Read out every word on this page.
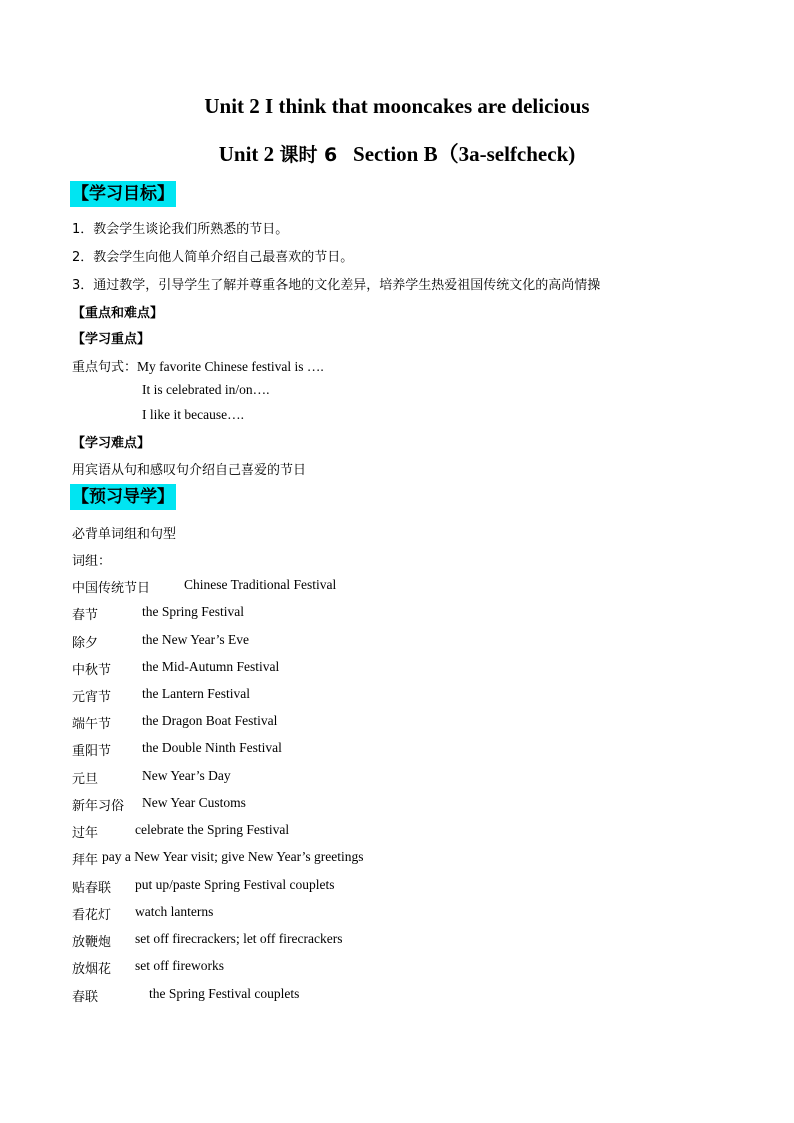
Unit 2 I think that mooncakes are delicious
Unit 2 课时 6 Section B（3a-selfcheck)
【学习目标】
1．教会学生谈论我们所熟悉的节日。
2．教会学生向他人简单介绍自己最喜欢的节日。
3．通过教学，引导学生了解并尊重各地的文化差异，培养学生热爱祖国传统文化的高尚情操
【重点和难点】
【学习重点】
重点句式：My favorite Chinese festival is ….
It is celebrated in/on….
I like it because….
【学习难点】
用宾语从句和感叹句介绍自己喜爱的节日
【预习导学】
必背单词组和句型
词组：
中国传统节日	Chinese Traditional Festival
春节	the Spring Festival
除夕	the New Year’s Eve
中秋节 the Mid-Autumn Festival
元宵节 the Lantern Festival
端午节 the Dragon Boat Festival
重阳节 the Double Ninth Festival
元旦	New Year’s Day
新年习俗 New Year Customs
过年	celebrate the Spring Festival
拜年 pay a New Year visit; give New Year’s greetings
贴春联 put up/paste Spring Festival couplets
看花灯 watch lanterns
放鞭炮 set off firecrackers; let off firecrackers
放烟花 set off fireworks
春联	the Spring Festival couplets
